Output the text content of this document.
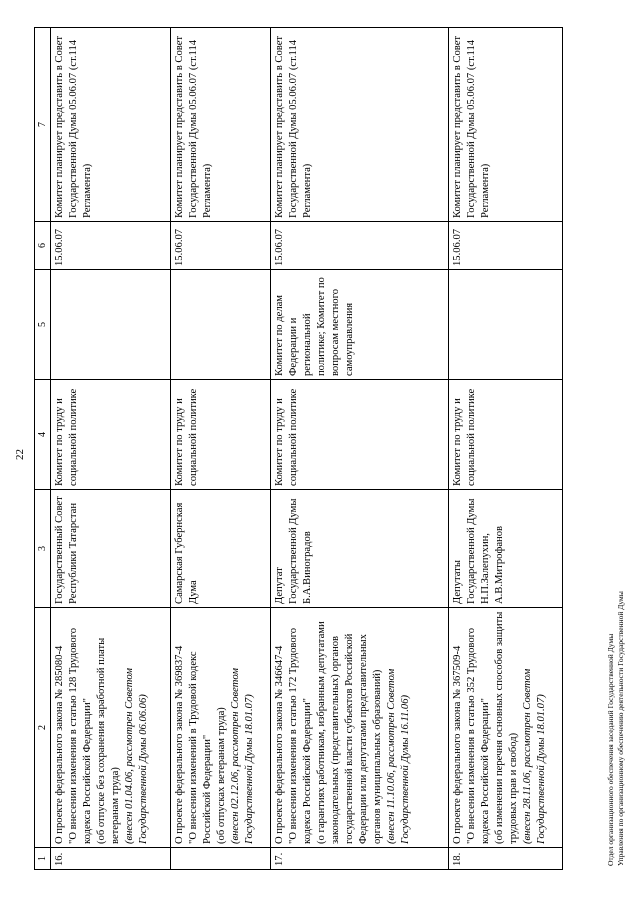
22
1	2	3	4	5	6	7
16.	О проекте федерального закона № 285080-4 "О внесении изменения в статью 128 Трудового кодекса Российской Федерации" (об отпуске без сохранения заработной платы ветеранам труда) (внесен 01.04.06, рассмотрен Советом Государственной Думы 06.06.06)	Государственный Совет Республики Татарстан	Комитет по труду и социальной политике		15.06.07	Комитет планирует представить в Совет Государственной Думы 05.06.07 (ст.114 Регламента)

	О проекте федерального закона № 369837-4 "О внесении изменений в Трудовой кодекс Российской Федерации" (об отпусках ветеранам труда) (внесен 02.12.06, рассмотрен Советом Государственной Думы 18.01.07)	Самарская Губернская Дума	Комитет по труду и социальной политике		15.06.07	Комитет планирует представить в Совет Государственной Думы 05.06.07 (ст.114 Регламента)
17.	О проекте федерального закона № 346647-4 "О внесении изменения в статью 172 Трудового кодекса Российской Федерации" (о гарантиях работникам, избранным депутатами законодательных (представительных) органов государственной власти субъектов Российской Федерации или депутатами представительных органов муниципальных образований) (внесен 11.10.06, рассмотрен Советом Государственной Думы 16.11.06)	Депутат Государственной Думы Б.А.Виноградов	Комитет по труду и социальной политике	Комитет по делам Федерации и региональной политике; Комитет по вопросам местного самоуправления	15.06.07	Комитет планирует представить в Совет Государственной Думы 05.06.07 (ст.114 Регламента)
18.	О проекте федерального закона № 367509-4 "О внесении изменения в статью 352 Трудового кодекса Российской Федерации" (об изменении перечня основных способов защиты трудовых прав и свобод) (внесен 28.11.06, рассмотрен Советом Государственной Думы 18.01.07)	Депутаты Государственной Думы Н.П.Залепухин, А.В.Митрофанов	Комитет по труду и социальной политике		15.06.07	Комитет планирует представить в Совет Государственной Думы 05.06.07 (ст.114 Регламента)
Отдел организационного обеспечения заседаний Государственной Думы Управления по организационному обеспечению деятельности Государственной Думы
